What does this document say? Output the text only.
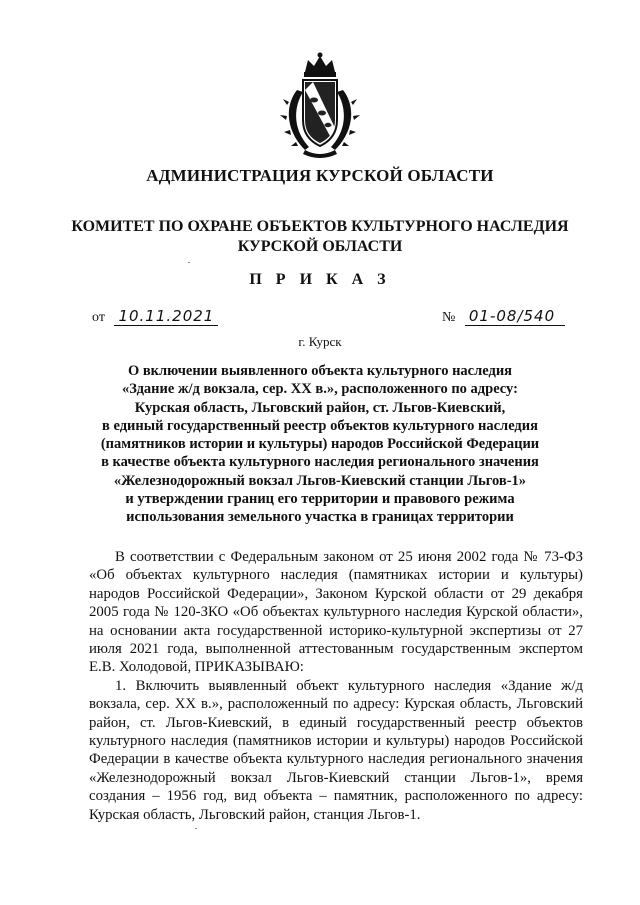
АДМИНИСТРАЦИЯ КУРСКОЙ ОБЛАСТИ
КОМИТЕТ ПО ОХРАНЕ ОБЪЕКТОВ КУЛЬТУРНОГО НАСЛЕДИЯ
КУРСКОЙ ОБЛАСТИ
П Р И К А З
от 10.11.2021	№ 01-08/540
г. Курск
О включении выявленного объекта культурного наследия
«Здание ж/д вокзала, сер. XX в.», расположенного по адресу:
Курская область, Льговский район, ст. Льгов-Киевский,
в единый государственный реестр объектов культурного наследия
(памятников истории и культуры) народов Российской Федерации
в качестве объекта культурного наследия регионального значения
«Железнодорожный вокзал Льгов-Киевский станции Льгов-1»
и утверждении границ его территории и правового режима
использования земельного участка в границах территории

В соответствии с Федеральным законом от 25 июня 2002 года № 73-ФЗ «Об объектах культурного наследия (памятниках истории и культуры) народов Российской Федерации», Законом Курской области от 29 декабря 2005 года № 120-ЗКО «Об объектах культурного наследия Курской области», на основании акта государственной историко-культурной экспертизы от 27 июля 2021 года, выполненной аттестованным государственным экспертом Е.В. Холодовой, ПРИКАЗЫВАЮ:

1. Включить выявленный объект культурного наследия «Здание ж/д вокзала, сер. XX в.», расположенный по адресу: Курская область, Льговский район, ст. Льгов-Киевский, в единый государственный реестр объектов культурного наследия (памятников истории и культуры) народов Российской Федерации в качестве объекта культурного наследия регионального значения «Железнодорожный вокзал Льгов-Киевский станции Льгов-1», время создания – 1956 год, вид объекта – памятник, расположенного по адресу: Курская область, Льговский район, станция Льгов-1.
